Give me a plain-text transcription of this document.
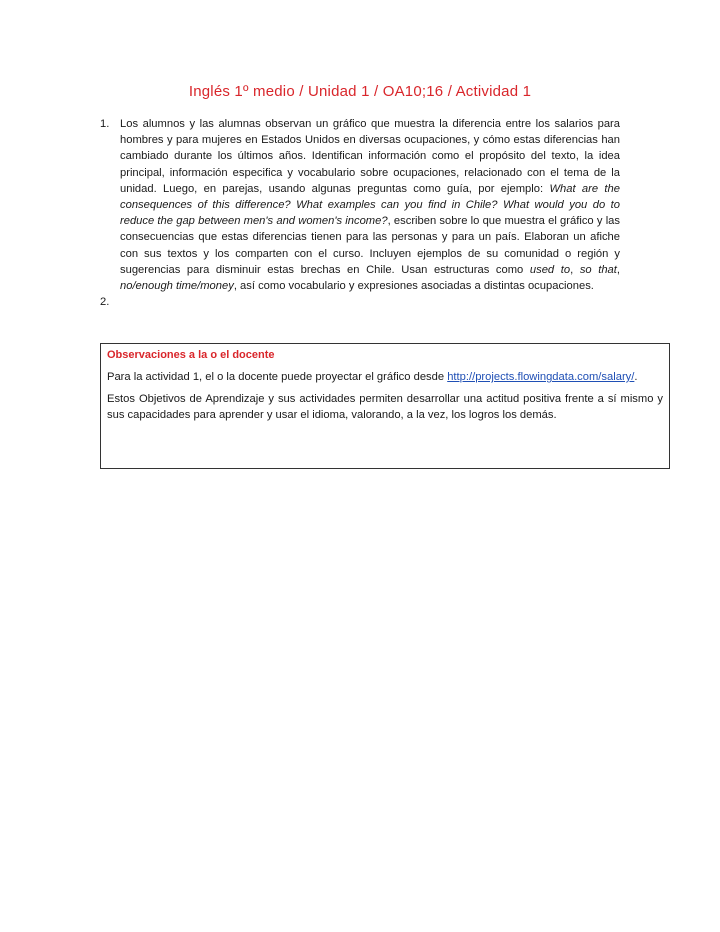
Inglés 1º medio / Unidad 1 / OA10;16 / Actividad 1
1. Los alumnos y las alumnas observan un gráfico que muestra la diferencia entre los salarios para hombres y para mujeres en Estados Unidos en diversas ocupaciones, y cómo estas diferencias han cambiado durante los últimos años. Identifican información como el propósito del texto, la idea principal, información especifica y vocabulario sobre ocupaciones, relacionado con el tema de la unidad. Luego, en parejas, usando algunas preguntas como guía, por ejemplo: What are the consequences of this difference? What examples can you find in Chile? What would you do to reduce the gap between men's and women's income?, escriben sobre lo que muestra el gráfico y las consecuencias que estas diferencias tienen para las personas y para un país. Elaboran un afiche con sus textos y los comparten con el curso. Incluyen ejemplos de su comunidad o región y sugerencias para disminuir estas brechas en Chile. Usan estructuras como used to, so that, no/enough time/money, así como vocabulario y expresiones asociadas a distintas ocupaciones.
2.
Observaciones a la o el docente
Para la actividad 1, el o la docente puede proyectar el gráfico desde http://projects.flowingdata.com/salary/.
Estos Objetivos de Aprendizaje y sus actividades permiten desarrollar una actitud positiva frente a sí mismo y sus capacidades para aprender y usar el idioma, valorando, a la vez, los logros los demás.
